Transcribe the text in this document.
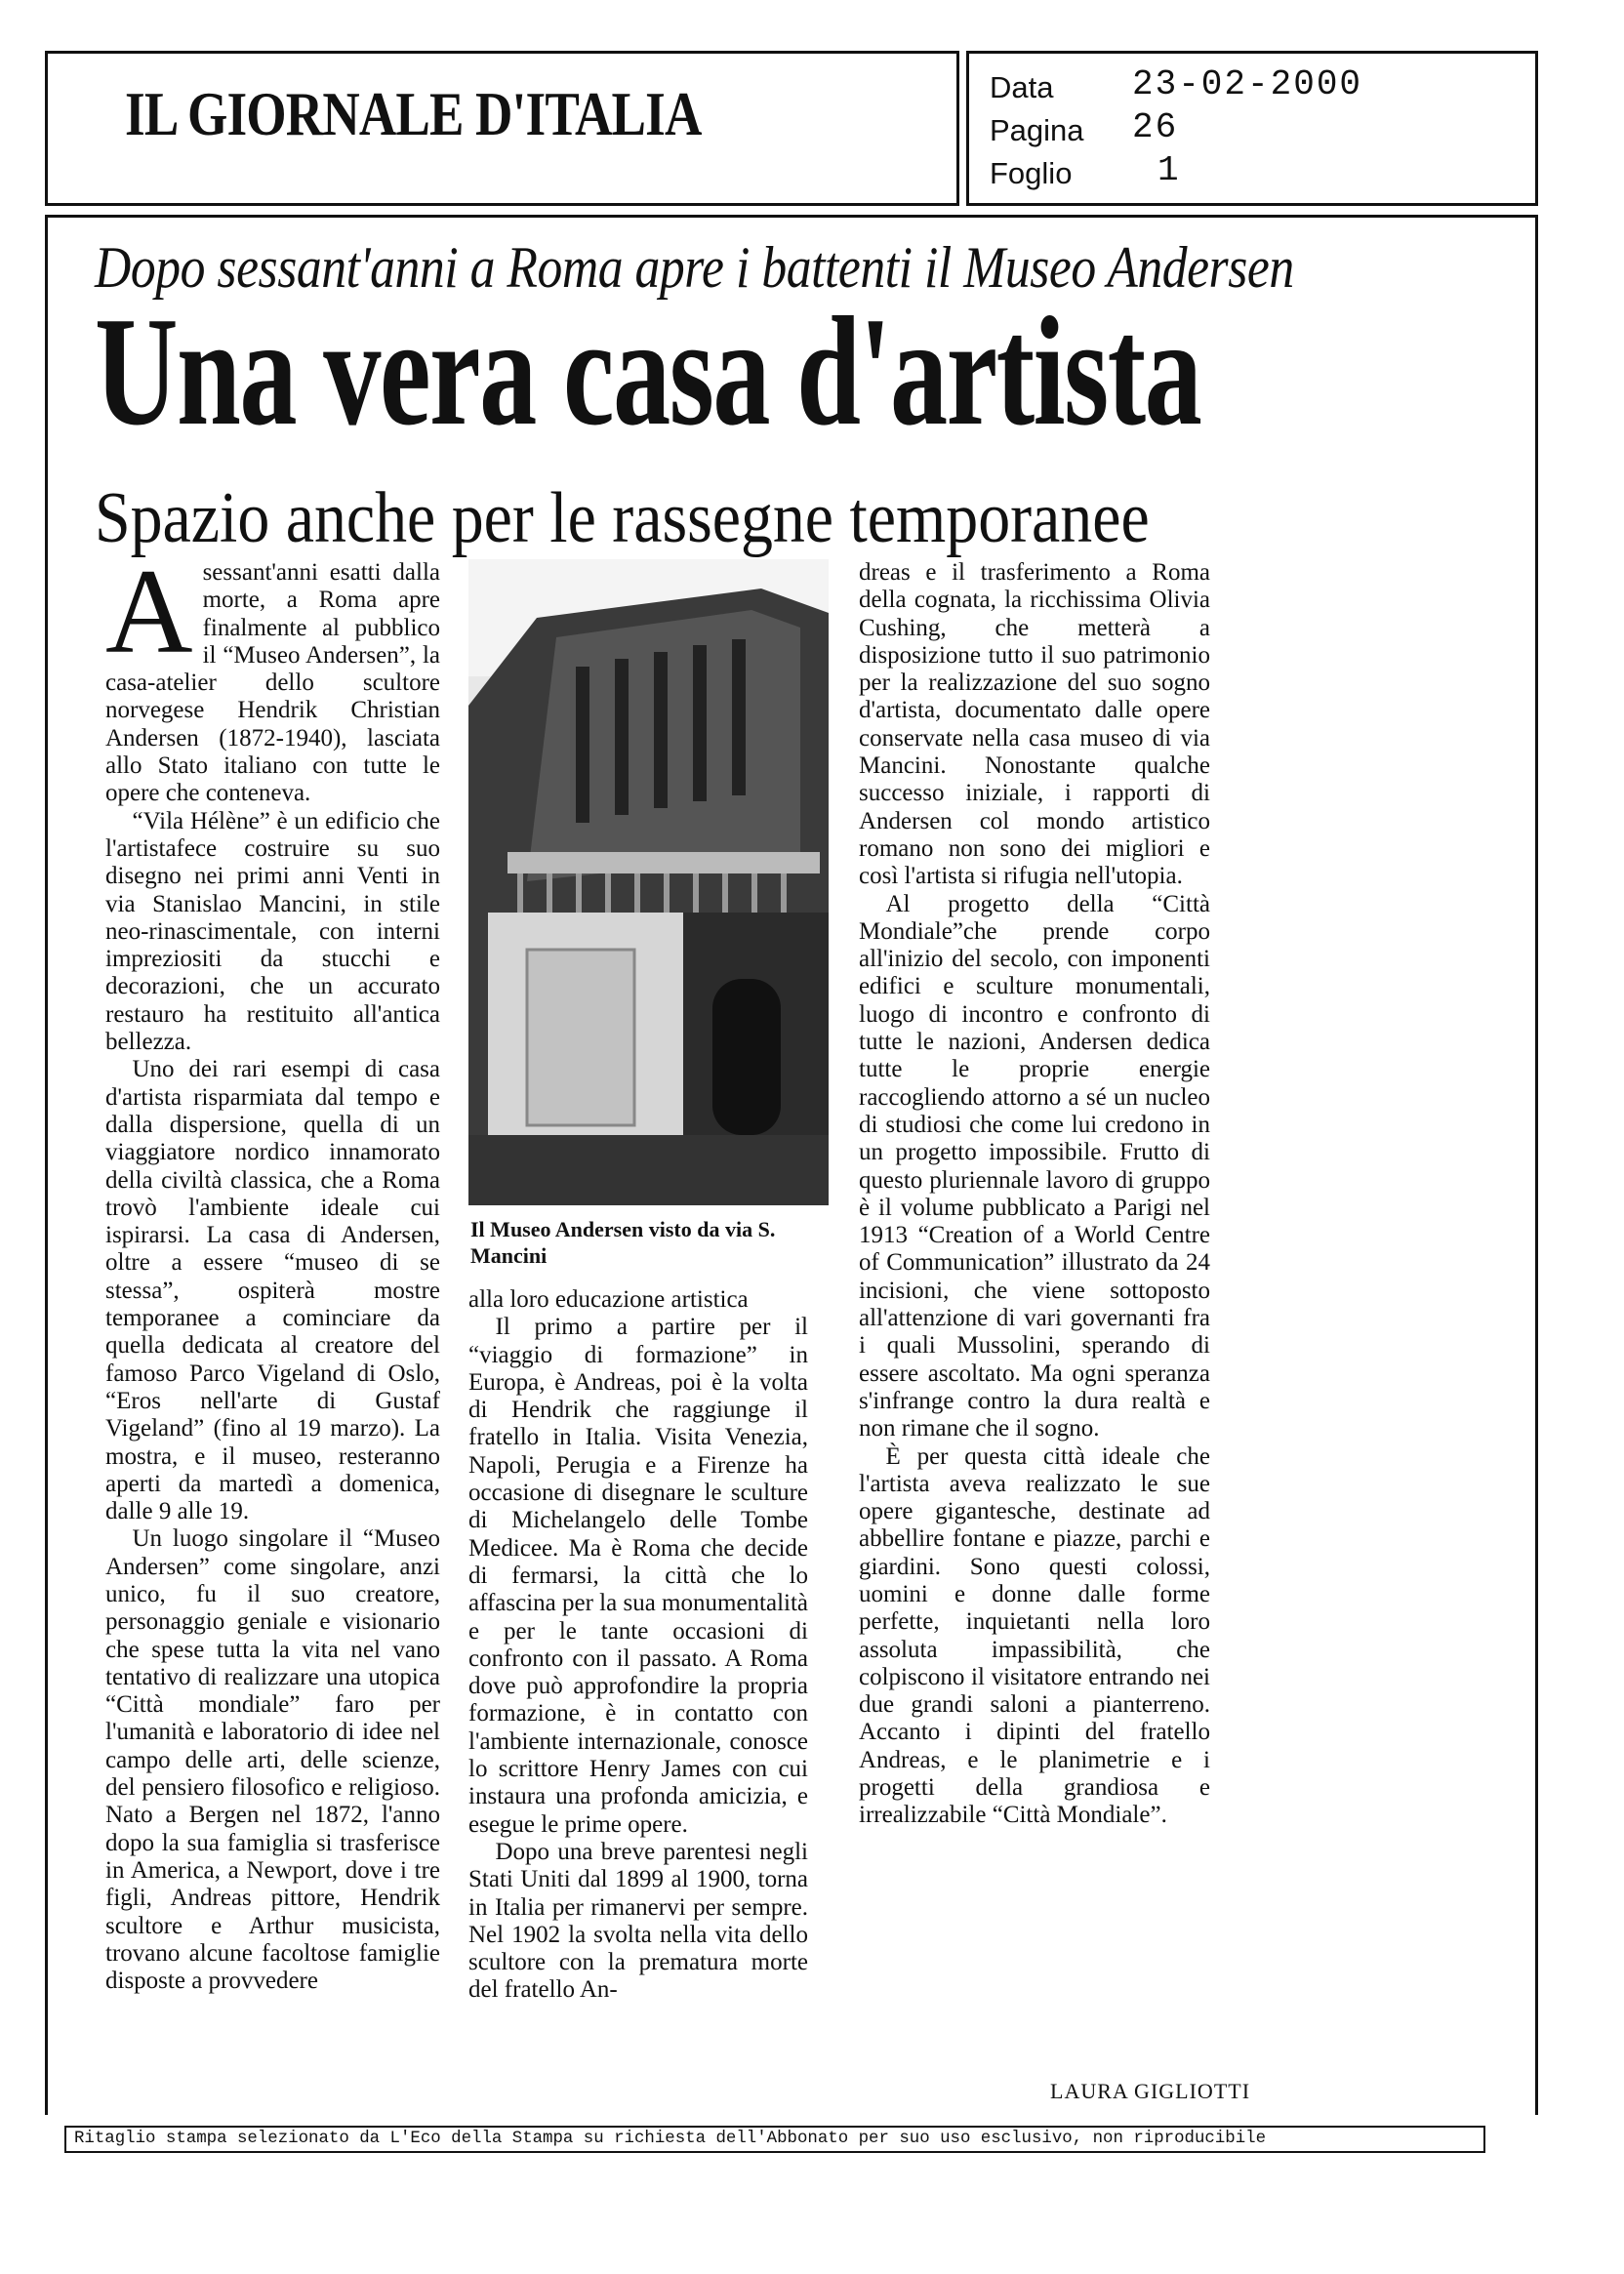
IL GIORNALE D'ITALIA	Data 23-02-2000
Pagina 26
Foglio 1
Dopo sessant'anni a Roma apre i battenti il Museo Andersen
Una vera casa d'artista
Spazio anche per le rassegne temporanee

Asessant'anni esatti dalla morte, a Roma apre finalmente al pubblico il “Museo Andersen”, la casa-atelier dello scultore norvegese Hendrik Christian Andersen (1872-1940), lasciata allo Stato italiano con tutte le opere che conteneva.

“Vila Hélène” è un edificio che l'artistafece costruire su suo disegno nei primi anni Venti in via Stanislao Mancini, in stile neo-rinascimentale, con interni impreziositi da stucchi e decorazioni, che un accurato restauro ha restituito all'antica bellezza.

Uno dei rari esempi di casa d'artista risparmiata dal tempo e dalla dispersione, quella di un viaggiatore nordico innamorato della civiltà classica, che a Roma trovò l'ambiente ideale cui ispirarsi. La casa di Andersen, oltre a essere “museo di se stessa”, ospiterà mostre temporanee a cominciare da quella dedicata al creatore del famoso Parco Vigeland di Oslo, “Eros nell'arte di Gustaf Vigeland” (fino al 19 marzo). La mostra, e il museo, resteranno aperti da martedì a domenica, dalle 9 alle 19.

Un luogo singolare il “Museo Andersen” come singolare, anzi unico, fu il suo creatore, personaggio geniale e visionario che spese tutta la vita nel vano tentativo di realizzare una utopica “Città mondiale” faro per l'umanità e laboratorio di idee nel campo delle arti, delle scienze, del pensiero filosofico e religioso. Nato a Bergen nel 1872, l'anno dopo la sua famiglia si trasferisce in America, a Newport, dove i tre figli, Andreas pittore, Hendrik scultore e Arthur musicista, trovano alcune facoltose famiglie disposte a provvedere

Il Museo Andersen visto da via S. Mancini

alla loro educazione artistica

Il primo a partire per il “viaggio di formazione” in Europa, è Andreas, poi è la volta di Hendrik che raggiunge il fratello in Italia. Visita Venezia, Napoli, Perugia e a Firenze ha occasione di disegnare le sculture di Michelangelo delle Tombe Medicee. Ma è Roma che decide di fermarsi, la città che lo affascina per la sua monumentalità e per le tante occasioni di confronto con il passato. A Roma dove può approfondire la propria formazione, è in contatto con l'ambiente internazionale, conosce lo scrittore Henry James con cui instaura una profonda amicizia, e esegue le prime opere.

Dopo una breve parentesi negli Stati Uniti dal 1899 al 1900, torna in Italia per rimanervi per sempre. Nel 1902 la svolta nella vita dello scultore con la prematura morte del fratello An-

dreas e il trasferimento a Roma della cognata, la ricchissima Olivia Cushing, che metterà a disposizione tutto il suo patrimonio per la realizzazione del suo sogno d'artista, documentato dalle opere conservate nella casa museo di via Mancini. Nonostante qualche successo iniziale, i rapporti di Andersen col mondo artistico romano non sono dei migliori e così l'artista si rifugia nell'utopia.

Al progetto della “Città Mondiale”che prende corpo all'inizio del secolo, con imponenti edifici e sculture monumentali, luogo di incontro e confronto di tutte le nazioni, Andersen dedica tutte le proprie energie raccogliendo attorno a sé un nucleo di studiosi che come lui credono in un progetto impossibile. Frutto di questo pluriennale lavoro di gruppo è il volume pubblicato a Parigi nel 1913 “Creation of a World Centre of Communication” illustrato da 24 incisioni, che viene sottoposto all'attenzione di vari governanti fra i quali Mussolini, sperando di essere ascoltato. Ma ogni speranza s'infrange contro la dura realtà e non rimane che il sogno.

È per questa città ideale che l'artista aveva realizzato le sue opere gigantesche, destinate ad abbellire fontane e piazze, parchi e giardini. Sono questi colossi, uomini e donne dalle forme perfette, inquietanti nella loro assoluta impassibilità, che colpiscono il visitatore entrando nei due grandi saloni a pianterreno. Accanto i dipinti del fratello Andreas, e le planimetrie e i progetti della grandiosa e irrealizzabile “Città Mondiale”.

LAURA GIGLIOTTI
Ritaglio stampa selezionato da L'Eco della Stampa su richiesta dell'Abbonato per suo uso esclusivo, non riproducibile
